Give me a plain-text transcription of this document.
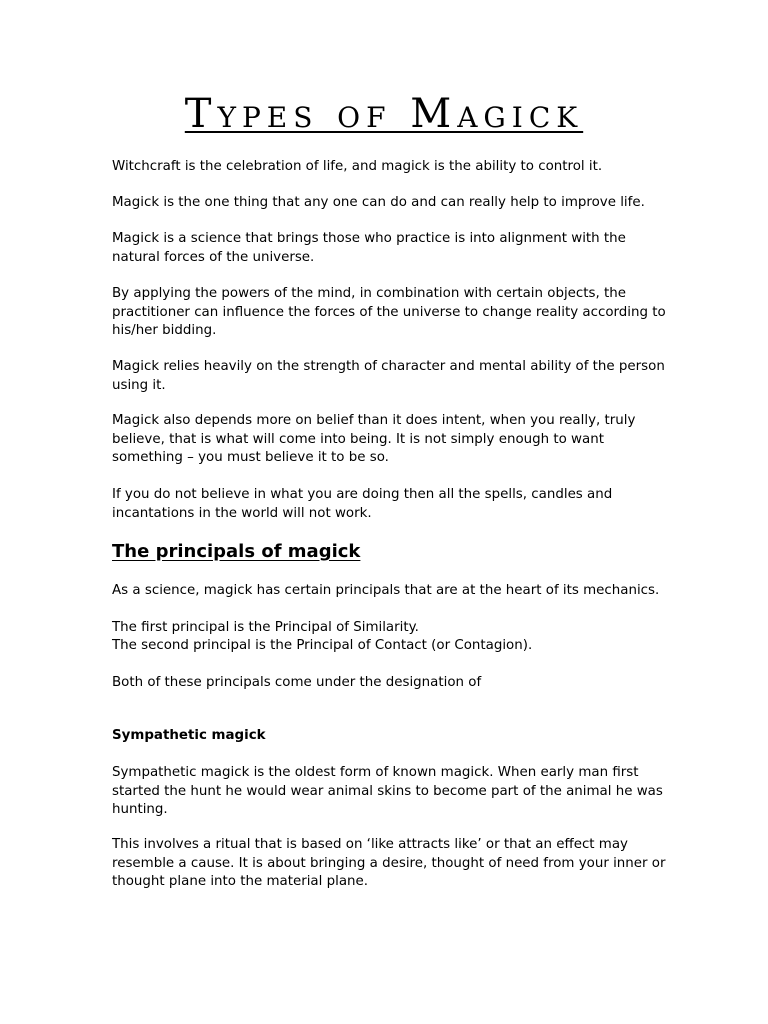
Types of Magick
Witchcraft is the celebration of life, and magick is the ability to control it.
Magick is the one thing that any one can do and can really help to improve life.
Magick is a science that brings those who practice is into alignment with the natural forces of the universe.
By applying the powers of the mind, in combination with certain objects, the practitioner can influence the forces of the universe to change reality according to his/her bidding.
Magick relies heavily on the strength of character and mental ability of the person using it.
Magick also depends more on belief than it does intent, when you really, truly believe, that is what will come into being. It is not simply enough to want something – you must believe it to be so.
If you do not believe in what you are doing then all the spells, candles and incantations in the world will not work.
The principals of magick
As a science, magick has certain principals that are at the heart of its mechanics.
The first principal is the Principal of Similarity.
The second principal is the Principal of Contact (or Contagion).
Both of these principals come under the designation of
Sympathetic magick
Sympathetic magick is the oldest form of known magick. When early man first started the hunt he would wear animal skins to become part of the animal he was hunting.
This involves a ritual that is based on ‘like attracts like’ or that an effect may resemble a cause. It is about bringing a desire, thought of need from your inner or thought plane into the material plane.
